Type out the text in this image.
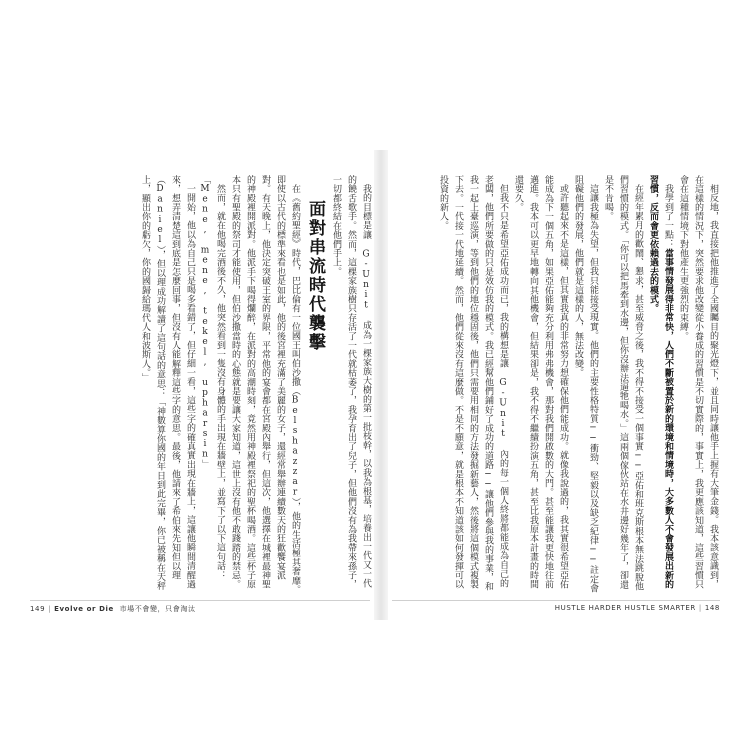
相反地，我直接把他推進了全國矚目的聚光燈下，並且同時讓他手上握有大筆金錢。我本該意識到，在這樣的情況下，突然要求他改變從小養成的習慣是不切實際的，事實上，我更應該知道，這些習慣只會在這種情境下對他產生更強烈的束縛。

我學到了一點：當事情發展得非常快，人們不斷被置於新的環境和情境時，大多數人不會發展出新的習慣，反而會更依賴過去的模式。

在經年累月的歡鬧、懇求，甚至威脅之後，我不得不接受一個事實──亞佑和班克斯根本無法跳脫他們習慣的模式。「你可以把馬牽到水邊，但你沒辦法逼牠喝水。」這兩個傢伙站在水井邊好幾年了，卻還是不肯喝。

這讓我極為失望，但我只能接受現實。他們的主要性格特質──衝勁、堅毅以及缺乏紀律──註定會阻礙他們的發展，他們就是這樣的人，無法改變。

或許聽起來不是這樣，但其實我真的非常努力想確保他們能成功。就像我說過的，我其實很希望亞佑能成為下一個五角，如果亞佑能夠充分利用弗弗機會，那對我們開啟數的大門。甚至能讓我更快地往前邁進。我本可以更早地轉向其他機會，但結果卻是，我不得不繼續扮演五角，甚至比我原本計畫的時間還要久。

但我不只是希望亞佑成功而已，我的構想是讓 G-Unit 內的每一個人終將都能成為自己的老闆，他們所要做的只是效仿我的模式。我已經幫他們鋪好了成功的道路──讓他們參與我的事業，和我一起上臺巡演，等到他們的地位穩固後，他們只需要用相同的方法發掘新藝人，然後將這個模式複製下去。一代接一代地延續。然而，他們從來沒有這麼做。不是不願意，就是根本不知道該如何發揮可以投資的新人。

我的目標是讓 G-Unit 成為一棵家族大樹的第一批枝幹，以我為根基，培養出一代又一代的饒舌歌手。然而，這棵家族樹只存活了一代就枯萎了，我孕育出了兒子，但他們沒有為我帶來孫子，一切都終結在他們手上。

面對串流時代襲擊

在《舊約聖經》時代，巴比倫有一位國王叫伯沙撒（Belshazzar），他的生活極其奢靡。即使以古代的標準來看也是如此，他的後宮裡充滿了美麗的女子，還經常舉辦連續數天的狂歡饗宴派對。有天晚上，他決定突破王室的界限，平常他的宴會都在宮殿內舉行，但這次，他選擇在城裡最神聖的神殿裡開派對。他派手下喝得爛醉，在派對的高潮時刻，竟然用神殿裡祭祀的聖杯喝酒。這些杯子原本只有聖殿的祭司才能使用，但伯沙撒當時的心態就是要讓大家知道，這世上沒有他不敢踐踏的禁忌。

然而，就在他喝完酒後不久，他突然看到一隻沒有身體的手出現在牆壁上，並寫下了以下這句話：「Mene, mene, tekel, upharsin」

一開始，他以為自己只是喝多看錯了，但仔細一看，這些字的確真實出現在牆上，這讓他瞬間清醒過來，想弄清楚這到底是怎麼回事，但沒有人能解釋這些字的意思。最後，他請來了希伯來先知但以理（Daniel），但以理成功解讀了這句話的意思：「神數算你國的年日到此完畢，你已被稱在天秤上，顯出你的虧欠，你的國歸給瑪代人和波斯人。」

149 | Evolve or Die 市場不會變，只會淘汰	HUSTLE HARDER HUSTLE SMARTER | 148
